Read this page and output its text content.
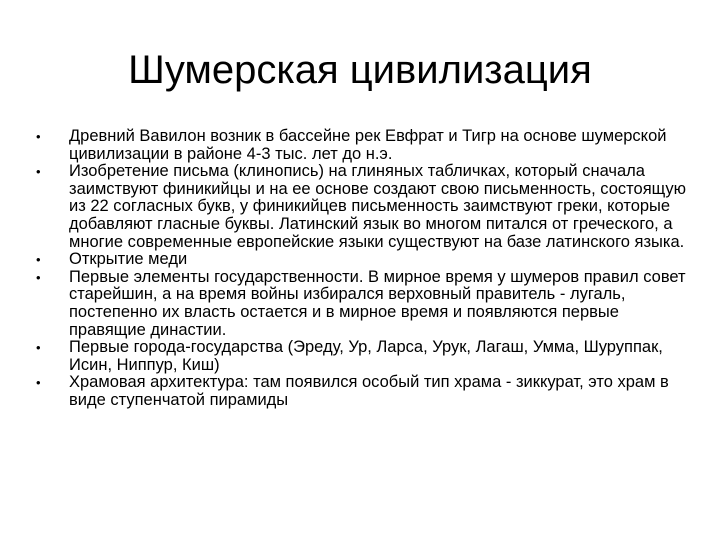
Шумерская цивилизация
•	Древний Вавилон возник в бассейне рек Евфрат и Тигр на основе шумерской цивилизации в районе 4-3 тыс. лет до н.э.
•	Изобретение письма (клинопись) на глиняных табличках, который сначала заимствуют финикийцы и на ее основе создают свою письменность, состоящую из 22 согласных букв, у финикийцев письменность заимствуют греки, которые добавляют гласные буквы. Латинский язык во многом питался от греческого, а многие современные европейские языки существуют на базе латинского языка.
•	Открытие меди
•	Первые элементы государственности. В мирное время у шумеров правил совет старейшин, а на время войны избирался верховный правитель - лугаль, постепенно их власть остается и в мирное время и появляются первые правящие династии.
•	Первые города-государства (Эреду, Ур, Ларса, Урук, Лагаш, Умма, Шуруппак, Исин, Ниппур, Киш)
•	Храмовая архитектура: там появился особый тип храма - зиккурат, это храм в виде ступенчатой пирамиды
